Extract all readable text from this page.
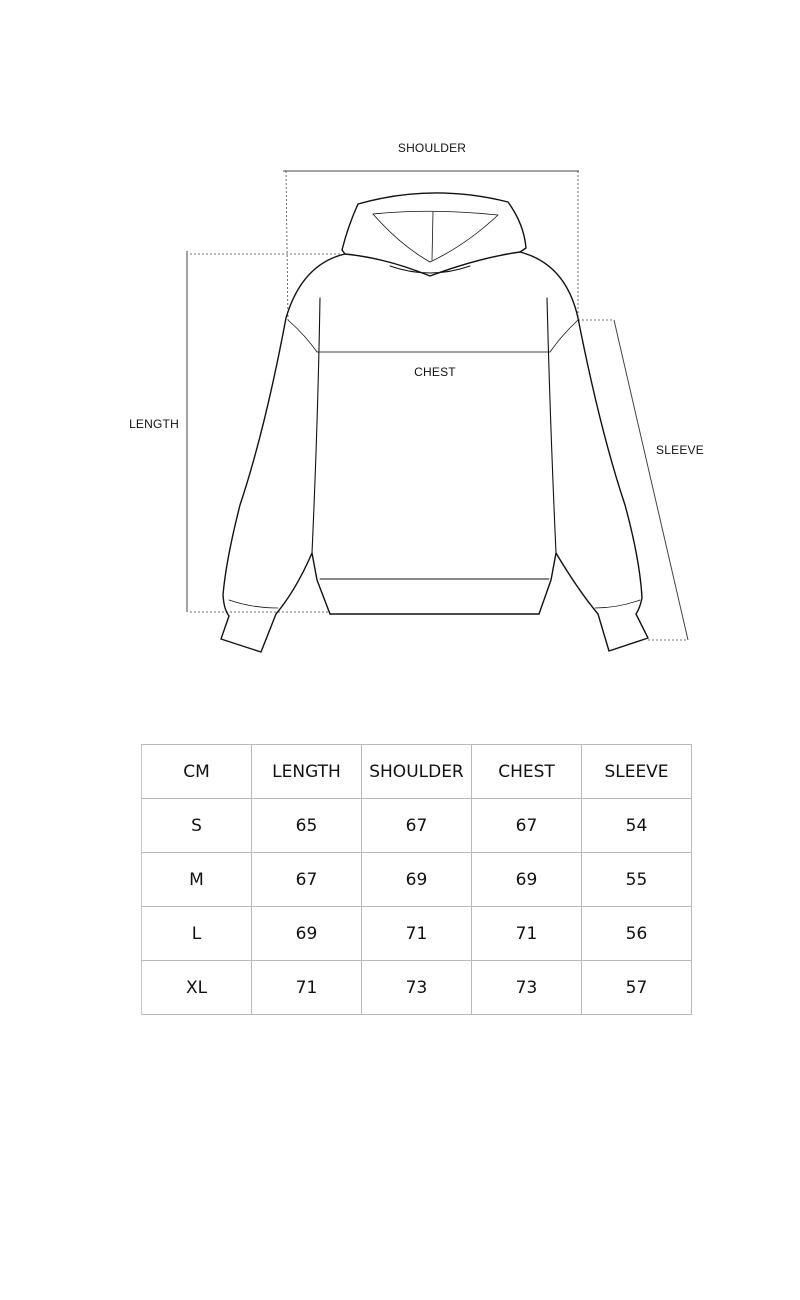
SHOULDER
CHEST
LENGTH
SLEEVE
CM	LENGTH	SHOULDER	CHEST	SLEEVE
S	65	67	67	54
M	67	69	69	55
L	69	71	71	56
XL	71	73	73	57
